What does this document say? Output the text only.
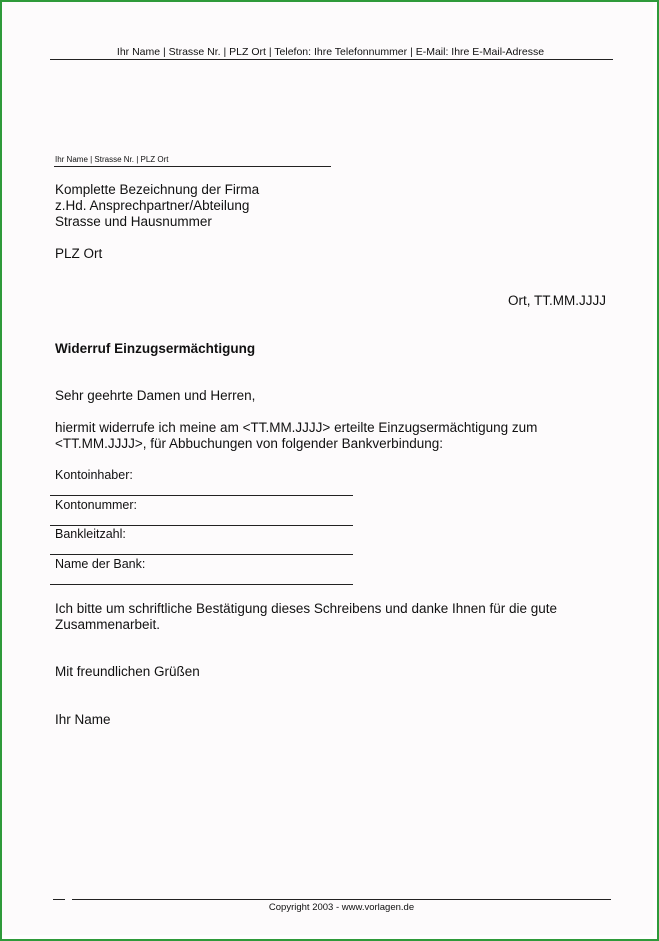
Ihr Name | Strasse Nr. | PLZ Ort | Telefon: Ihre Telefonnummer | E-Mail: Ihre E-Mail-Adresse
Ihr Name | Strasse Nr. | PLZ Ort
Komplette Bezeichnung der Firma
z.Hd. Ansprechpartner/Abteilung
Strasse und Hausnummer
PLZ Ort
Ort, TT.MM.JJJJ
Widerruf Einzugsermächtigung
Sehr geehrte Damen und Herren,
hiermit widerrufe ich meine am <TT.MM.JJJJ> erteilte Einzugsermächtigung zum
<TT.MM.JJJJ>, für Abbuchungen von folgender Bankverbindung:
Kontoinhaber:
Kontonummer:
Bankleitzahl:
Name der Bank:
Ich bitte um schriftliche Bestätigung dieses Schreibens und danke Ihnen für die gute
Zusammenarbeit.
Mit freundlichen Grüßen
Ihr Name
Copyright 2003 - www.vorlagen.de
